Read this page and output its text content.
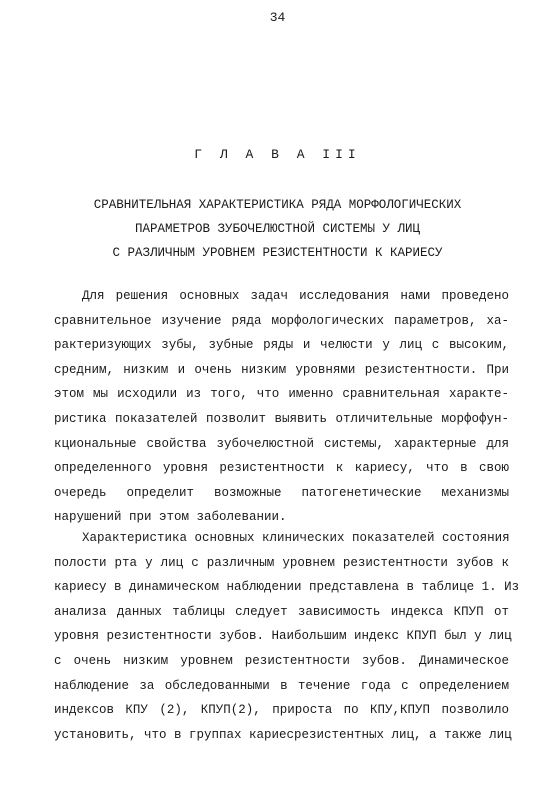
34
Г Л А В А III
СРАВНИТЕЛЬНАЯ ХАРАКТЕРИСТИКА РЯДА МОРФОЛОГИЧЕСКИХ
ПАРАМЕТРОВ ЗУБОЧЕЛЮСТНОЙ СИСТЕМЫ У ЛИЦ
С РАЗЛИЧНЫМ УРОВНЕМ РЕЗИСТЕНТНОСТИ К КАРИЕСУ
Для решения основных задач исследования нами проведено
сравнительное изучение ряда морфологических параметров, ха-
рактеризующих зубы, зубные ряды и челюсти у лиц с высоким,
средним, низким и очень низким уровнями резистентности. При
этом мы исходили из того, что именно сравнительная характе-
ристика показателей позволит выявить отличительные морфофун-
кциональные свойства зубочелюстной системы, характерные для
определенного уровня резистентности к кариесу, что в свою
очередь определит возможные патогенетические механизмы
нарушений при этом заболевании.
Характеристика основных клинических показателей состояния
полости рта у лиц с различным уровнем резистентности зубов к
кариесу в динамическом наблюдении представлена в таблице 1. Из
анализа данных таблицы следует зависимость индекса КПУП от
уровня резистентности зубов. Наибольшим индекс КПУП был у лиц
с очень низким уровнем резистентности зубов. Динамическое
наблюдение за обследованными в течение года с определением
индексов КПУ (2), КПУП(2), прироста по КПУ,КПУП позволило
установить, что в группах кариесрезистентных лиц, а также лиц
